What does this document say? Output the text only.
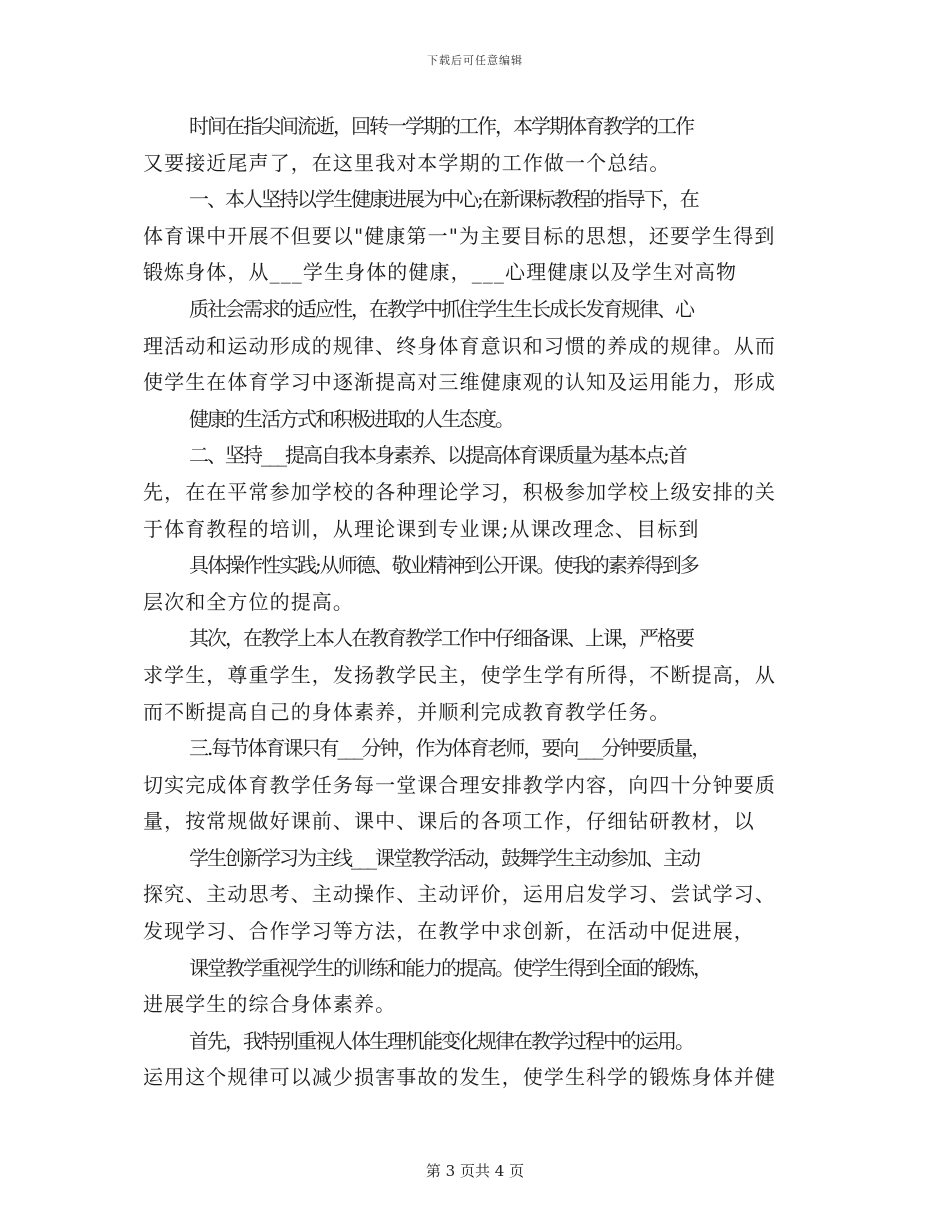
下载后可任意编辑
时间在指尖间流逝，回转一学期的工作，本学期体育教学的工作
又要接近尾声了，在这里我对本学期的工作做一个总结。
一、本人坚持以学生健康进展为中心;在新课标教程的指导下，在
体育课中开展不但要以"健康第一"为主要目标的思想，还要学生得到
锻炼身体，从___学生身体的健康，___心理健康以及学生对高物
质社会需求的适应性，在教学中抓住学生生长成长发育规律、心
理活动和运动形成的规律、终身体育意识和习惯的养成的规律。从而
使学生在体育学习中逐渐提高对三维健康观的认知及运用能力，形成
健康的生活方式和积极进取的人生态度。
二、坚持___提高自我本身素养、以提高体育课质量为基本点;首
先，在在平常参加学校的各种理论学习，积极参加学校上级安排的关
于体育教程的培训，从理论课到专业课;从课改理念、目标到
具体操作性实践;从师德、敬业精神到公开课。使我的素养得到多
层次和全方位的提高。
其次，在教学上本人在教育教学工作中仔细备课、上课，严格要
求学生，尊重学生，发扬教学民主，使学生学有所得，不断提高，从
而不断提高自己的身体素养，并顺利完成教育教学任务。
三.每节体育课只有___分钟，作为体育老师，要向___分钟要质量，
切实完成体育教学任务每一堂课合理安排教学内容，向四十分钟要质
量，按常规做好课前、课中、课后的各项工作，仔细钻研教材，以
学生创新学习为主线___课堂教学活动，鼓舞学生主动参加、主动
探究、主动思考、主动操作、主动评价，运用启发学习、尝试学习、
发现学习、合作学习等方法，在教学中求创新，在活动中促进展，
课堂教学重视学生的训练和能力的提高。使学生得到全面的锻炼，
进展学生的综合身体素养。
首先，我特别重视人体生理机能变化规律在教学过程中的运用。
运用这个规律可以减少损害事故的发生，使学生科学的锻炼身体并健
第 3 页共 4 页
